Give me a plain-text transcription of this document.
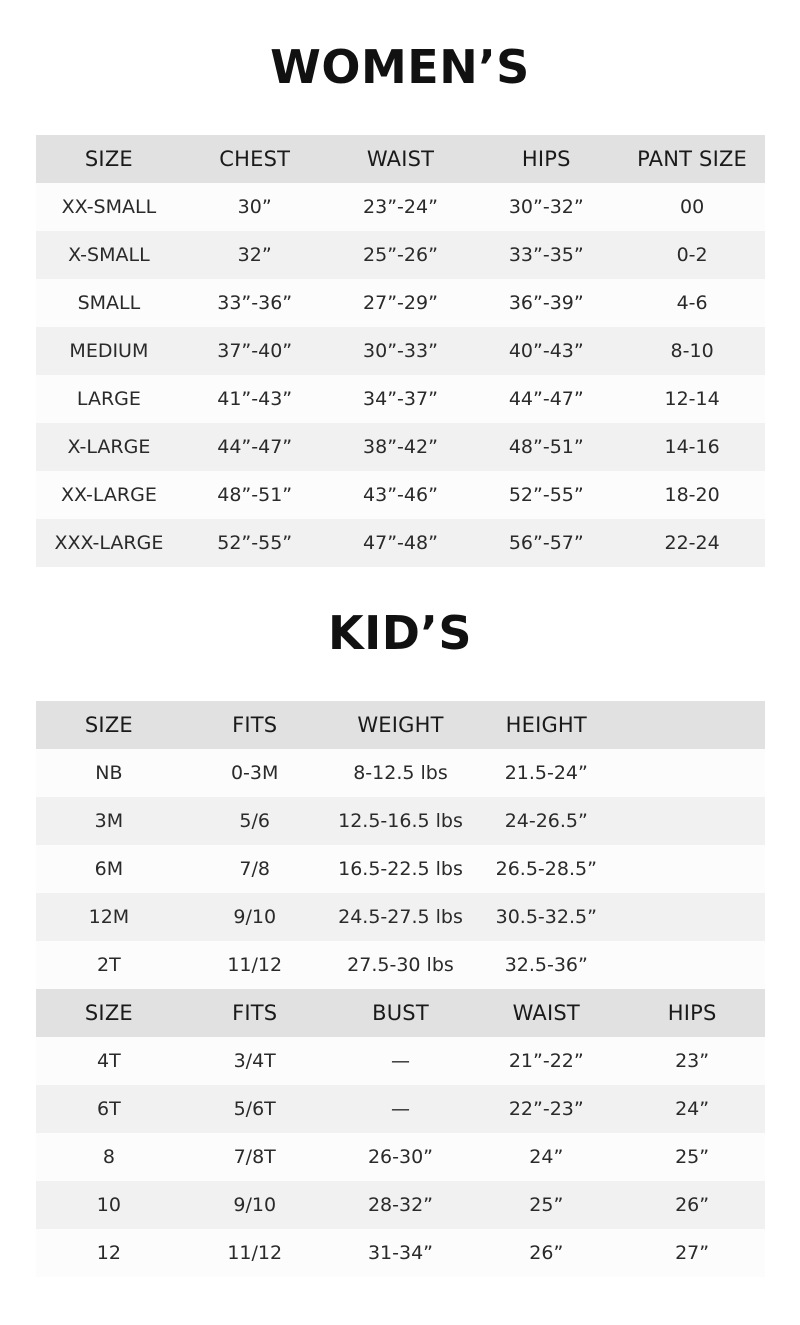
WOMEN’S
SIZE	CHEST	WAIST	HIPS	PANT SIZE
XX-SMALL	30”	23”-24”	30”-32”	00
X-SMALL	32”	25”-26”	33”-35”	0-2
SMALL	33”-36”	27”-29”	36”-39”	4-6
MEDIUM	37”-40”	30”-33”	40”-43”	8-10
LARGE	41”-43”	34”-37”	44”-47”	12-14
X-LARGE	44”-47”	38”-42”	48”-51”	14-16
XX-LARGE	48”-51”	43”-46”	52”-55”	18-20
XXX-LARGE	52”-55”	47”-48”	56”-57”	22-24
KID’S
SIZE	FITS	WEIGHT	HEIGHT	
NB	0-3M	8-12.5 lbs	21.5-24”	
3M	5/6	12.5-16.5 lbs	24-26.5”	
6M	7/8	16.5-22.5 lbs	26.5-28.5”	
12M	9/10	24.5-27.5 lbs	30.5-32.5”	
2T	11/12	27.5-30 lbs	32.5-36”	
SIZE	FITS	BUST	WAIST	HIPS
4T	3/4T	—	21”-22”	23”
6T	5/6T	—	22”-23”	24”
8	7/8T	26-30”	24”	25”
10	9/10	28-32”	25”	26”
12	11/12	31-34”	26”	27”
